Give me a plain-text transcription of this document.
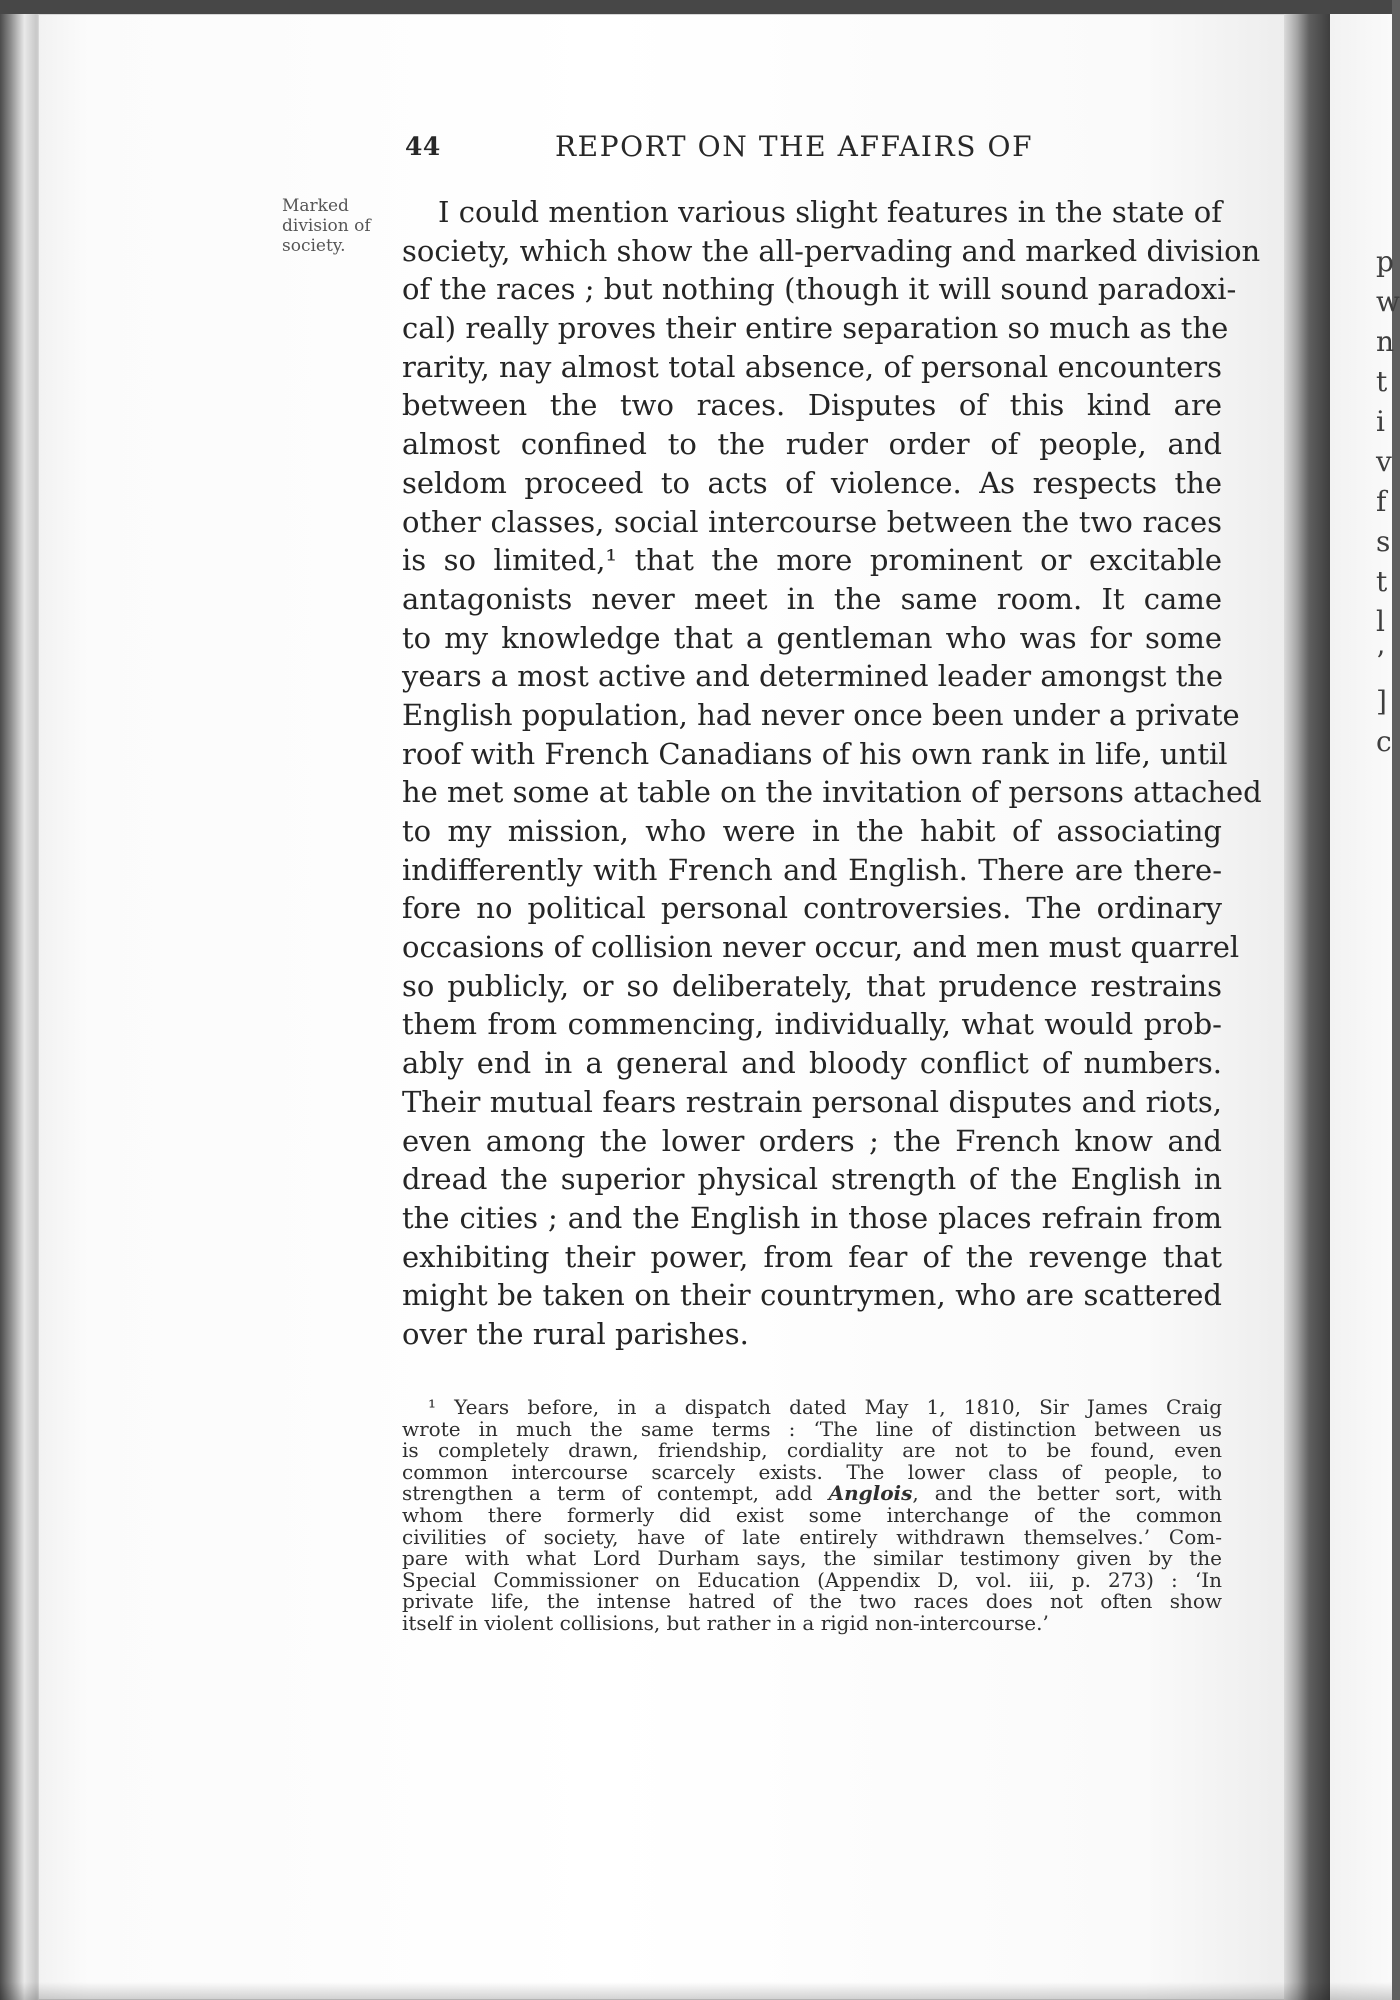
44	REPORT ON THE AFFAIRS OF
Marked
division of
society.
I could mention various slight features in the state of
society, which show the all-pervading and marked division
of the races ; but nothing (though it will sound paradoxi-
cal) really proves their entire separation so much as the
rarity, nay almost total absence, of personal encounters
between the two races. Disputes of this kind are
almost confined to the ruder order of people, and
seldom proceed to acts of violence. As respects the
other classes, social intercourse between the two races
is so limited,¹ that the more prominent or excitable
antagonists never meet in the same room. It came
to my knowledge that a gentleman who was for some
years a most active and determined leader amongst the
English population, had never once been under a private
roof with French Canadians of his own rank in life, until
he met some at table on the invitation of persons attached
to my mission, who were in the habit of associating
indifferently with French and English. There are there-
fore no political personal controversies. The ordinary
occasions of collision never occur, and men must quarrel
so publicly, or so deliberately, that prudence restrains
them from commencing, individually, what would prob-
ably end in a general and bloody conflict of numbers.
Their mutual fears restrain personal disputes and riots,
even among the lower orders ; the French know and
dread the superior physical strength of the English in
the cities ; and the English in those places refrain from
exhibiting their power, from fear of the revenge that
might be taken on their countrymen, who are scattered
over the rural parishes.
¹ Years before, in a dispatch dated May 1, 1810, Sir James Craig
wrote in much the same terms : ‘The line of distinction between us
is completely drawn, friendship, cordiality are not to be found, even
common intercourse scarcely exists. The lower class of people, to
strengthen a term of contempt, add Anglois, and the better sort, with
whom there formerly did exist some interchange of the common
civilities of society, have of late entirely withdrawn themselves.’ Com-
pare with what Lord Durham says, the similar testimony given by the
Special Commissioner on Education (Appendix D, vol. iii, p. 273) : ‘In
private life, the intense hatred of the two races does not often show
itself in violent collisions, but rather in a rigid non-intercourse.’
p
w
n
t
i
v
f
s
t
l
’
]
c
